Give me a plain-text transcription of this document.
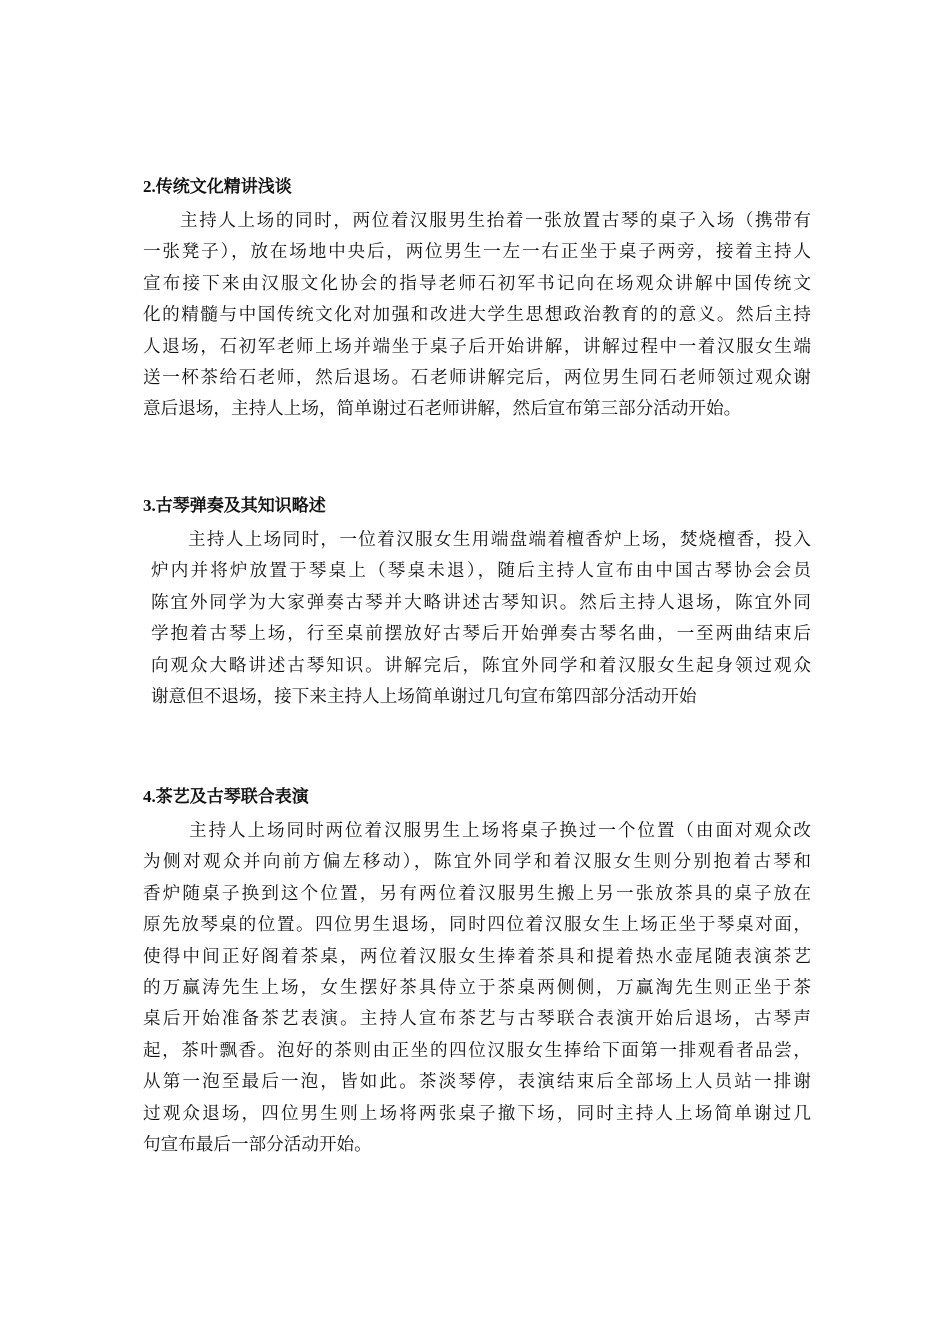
2.传统文化精讲浅谈
主持人上场的同时，两位着汉服男生抬着一张放置古琴的桌子入场（携带有
一张凳子），放在场地中央后，两位男生一左一右正坐于桌子两旁，接着主持人
宣布接下来由汉服文化协会的指导老师石初军书记向在场观众讲解中国传统文
化的精髓与中国传统文化对加强和改进大学生思想政治教育的的意义。然后主持
人退场，石初军老师上场并端坐于桌子后开始讲解，讲解过程中一着汉服女生端
送一杯茶给石老师，然后退场。石老师讲解完后，两位男生同石老师领过观众谢
意后退场，主持人上场，简单谢过石老师讲解，然后宣布第三部分活动开始。
3.古琴弹奏及其知识略述
主持人上场同时，一位着汉服女生用端盘端着檀香炉上场，焚烧檀香，投入
炉内并将炉放置于琴桌上（琴桌未退），随后主持人宣布由中国古琴协会会员
陈宜外同学为大家弹奏古琴并大略讲述古琴知识。然后主持人退场，陈宜外同
学抱着古琴上场，行至桌前摆放好古琴后开始弹奏古琴名曲，一至两曲结束后
向观众大略讲述古琴知识。讲解完后，陈宜外同学和着汉服女生起身领过观众
谢意但不退场，接下来主持人上场简单谢过几句宣布第四部分活动开始
4.茶艺及古琴联合表演
主持人上场同时两位着汉服男生上场将桌子换过一个位置（由面对观众改
为侧对观众并向前方偏左移动），陈宜外同学和着汉服女生则分别抱着古琴和
香炉随桌子换到这个位置，另有两位着汉服男生搬上另一张放茶具的桌子放在
原先放琴桌的位置。四位男生退场，同时四位着汉服女生上场正坐于琴桌对面，
使得中间正好阁着茶桌，两位着汉服女生捧着茶具和提着热水壶尾随表演茶艺
的万赢涛先生上场，女生摆好茶具侍立于茶桌两侧侧，万赢淘先生则正坐于茶
桌后开始准备茶艺表演。主持人宣布茶艺与古琴联合表演开始后退场，古琴声
起，茶叶飘香。泡好的茶则由正坐的四位汉服女生捧给下面第一排观看者品尝，
从第一泡至最后一泡，皆如此。茶淡琴停，表演结束后全部场上人员站一排谢
过观众退场，四位男生则上场将两张桌子撤下场，同时主持人上场简单谢过几
句宣布最后一部分活动开始。
